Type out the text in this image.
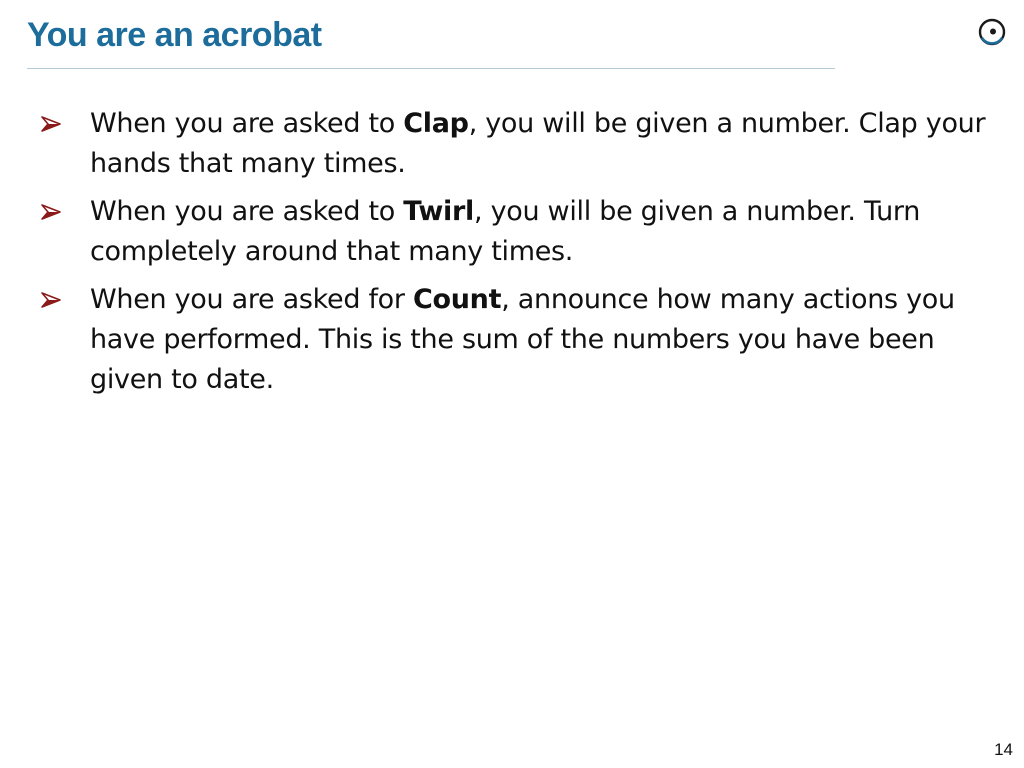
You are an acrobat
When you are asked to Clap, you will be given a number. Clap your hands that many times.
When you are asked to Twirl, you will be given a number. Turn completely around that many times.
When you are asked for Count, announce how many actions you have performed. This is the sum of the numbers you have been given to date.
14
